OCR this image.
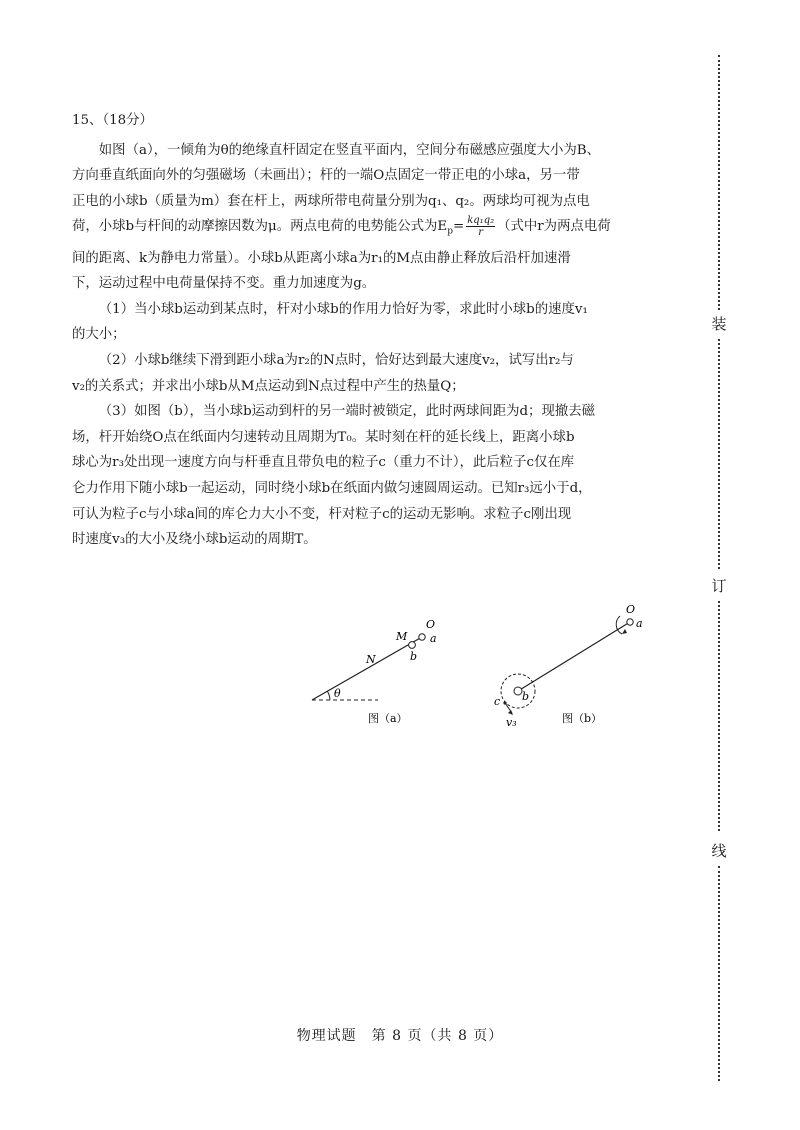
15、（18分）

如图（a），一倾角为θ的绝缘直杆固定在竖直平面内，空间分布磁感应强度大小为B、

方向垂直纸面向外的匀强磁场（未画出）；杆的一端O点固定一带正电的小球a，另一带

正电的小球b（质量为m）套在杆上，两球所带电荷量分别为q₁、q₂。两球均可视为点电

荷，小球b与杆间的动摩擦因数为μ。两点电荷的电势能公式为$E_p= \frac{\text{kq₁q₂}}{r}$ （式中r为两点电荷

间的距离、k为静电力常量）。小球b从距离小球a为r₁的M点由静止释放后沿杆加速滑

下，运动过程中电荷量保持不变。重力加速度为g。

（1）当小球b运动到某点时，杆对小球b的作用力恰好为零，求此时小球b的速度v₁

的大小；

（2）小球b继续下滑到距小球a为r₂的N点时，恰好达到最大速度v₂，试写出r₂与

v₂的关系式；并求出小球b从M点运动到N点过程中产生的热量Q；

（3）如图（b），当小球b运动到杆的另一端时被锁定，此时两球间距为d；现撤去磁

场，杆开始绕O点在纸面内匀速转动且周期为T₀。某时刻在杆的延长线上，距离小球b

球心为r₃处出现一速度方向与杆垂直且带负电的粒子c（重力不计），此后粒子c仅在库

仑力作用下随小球b一起运动，同时绕小球b在纸面内做匀速圆周运动。已知r₃远小于d，

可认为粒子c与小球a间的库仑力大小不变，杆对粒子c的运动无影响。求粒子c刚出现

时速度v₃的大小及绕小球b运动的周期T。

O
a
M
b
N
θ
图（a）
O
a
b
c
v₃	图（b）
装
订
线
物理试题　第 8 页（共 8 页）
